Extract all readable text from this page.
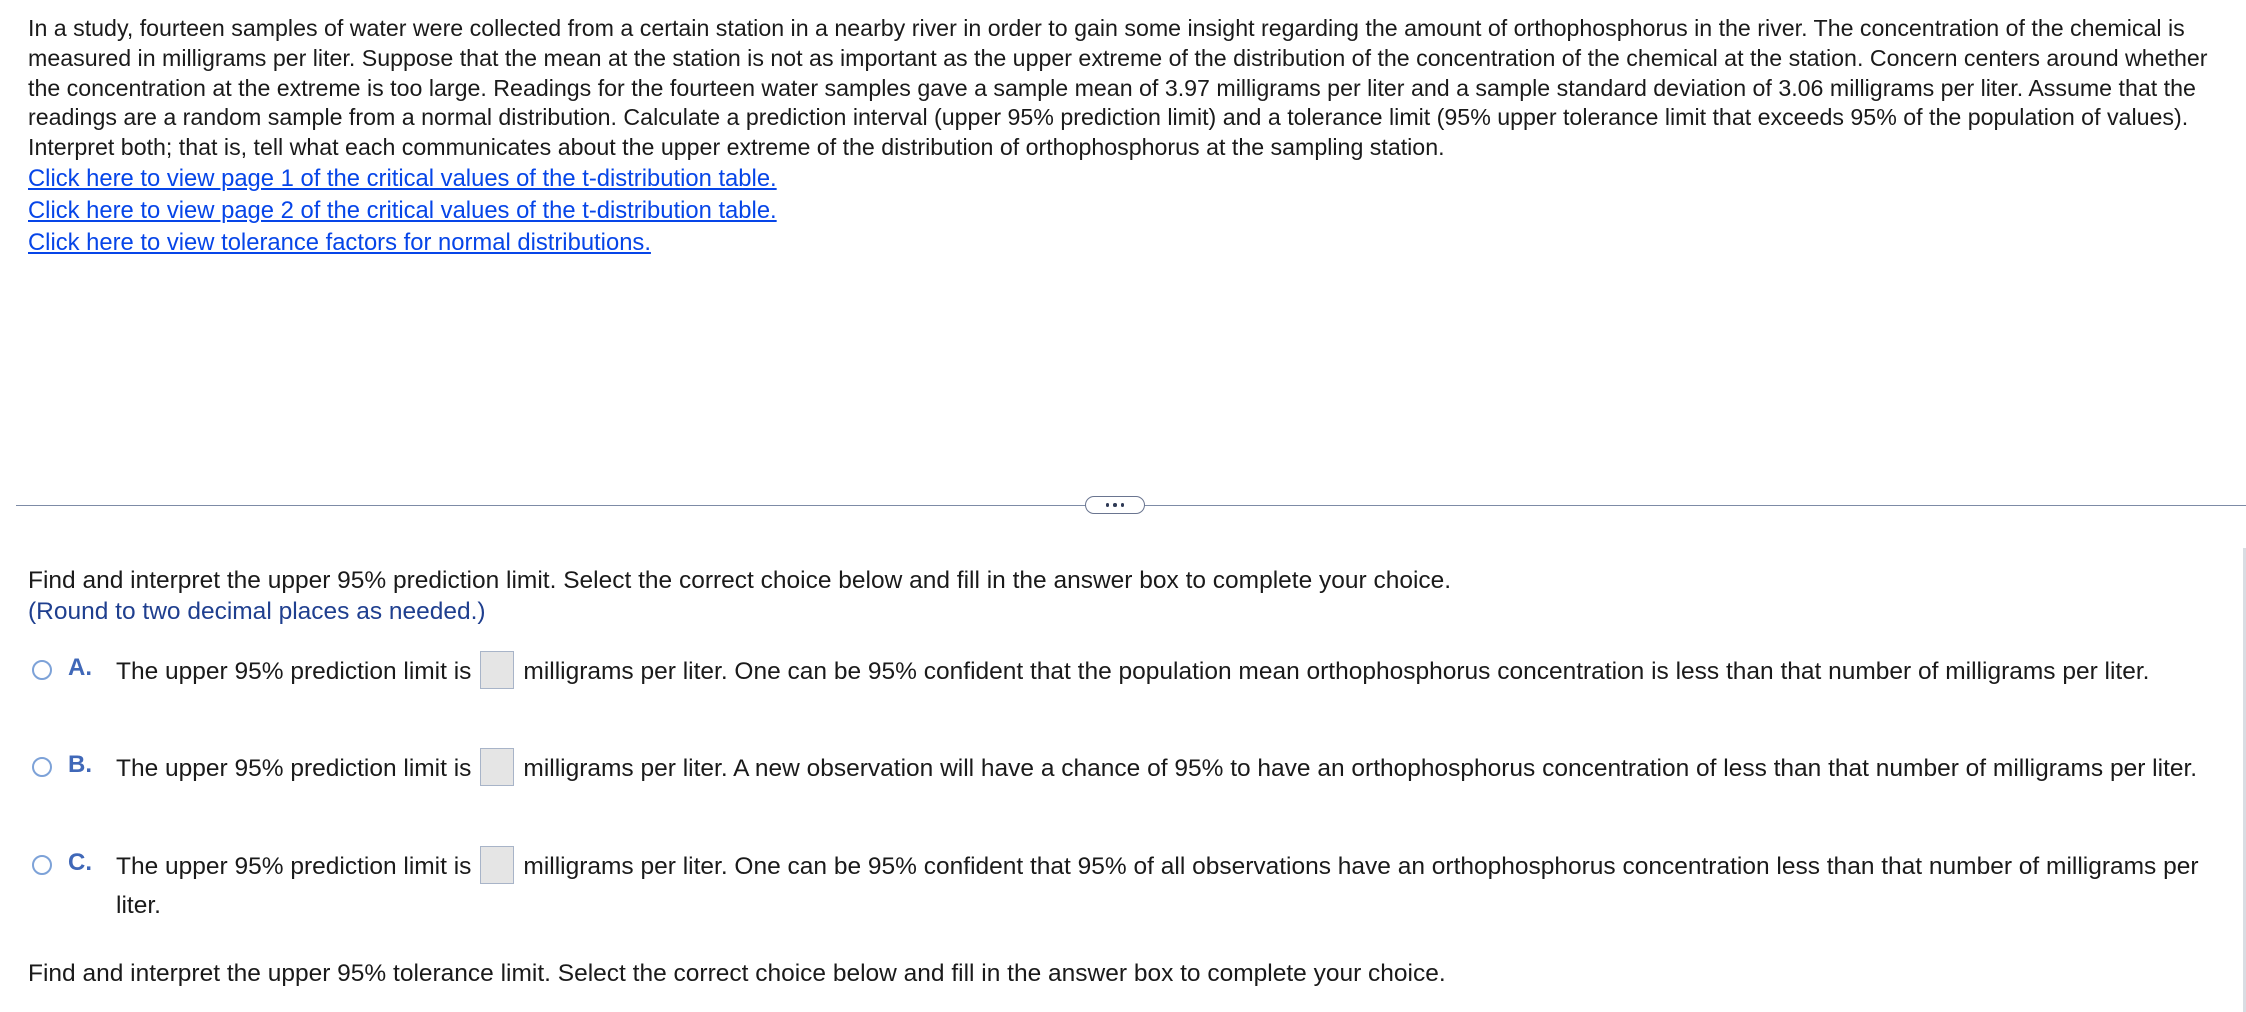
In a study, fourteen samples of water were collected from a certain station in a nearby river in order to gain some insight regarding the amount of orthophosphorus in the river. The concentration of the chemical is measured in milligrams per liter. Suppose that the mean at the station is not as important as the upper extreme of the distribution of the concentration of the chemical at the station. Concern centers around whether the concentration at the extreme is too large. Readings for the fourteen water samples gave a sample mean of 3.97 milligrams per liter and a sample standard deviation of 3.06 milligrams per liter. Assume that the readings are a random sample from a normal distribution. Calculate a prediction interval (upper 95% prediction limit) and a tolerance limit (95% upper tolerance limit that exceeds 95% of the population of values). Interpret both; that is, tell what each communicates about the upper extreme of the distribution of orthophosphorus at the sampling station.

Click here to view page 1 of the critical values of the t-distribution table.
Click here to view page 2 of the critical values of the t-distribution table.
Click here to view tolerance factors for normal distributions.

Find and interpret the upper 95% prediction limit. Select the correct choice below and fill in the answer box to complete your choice.

(Round to two decimal places as needed.)

A. The upper 95% prediction limit is milligrams per liter. One can be 95% confident that the population mean orthophosphorus concentration is less than that number of milligrams per liter.
B. The upper 95% prediction limit is milligrams per liter. A new observation will have a chance of 95% to have an orthophosphorus concentration of less than that number of milligrams per liter.
C. The upper 95% prediction limit is milligrams per liter. One can be 95% confident that 95% of all observations have an orthophosphorus concentration less than that number of milligrams per liter.
Find and interpret the upper 95% tolerance limit. Select the correct choice below and fill in the answer box to complete your choice.
